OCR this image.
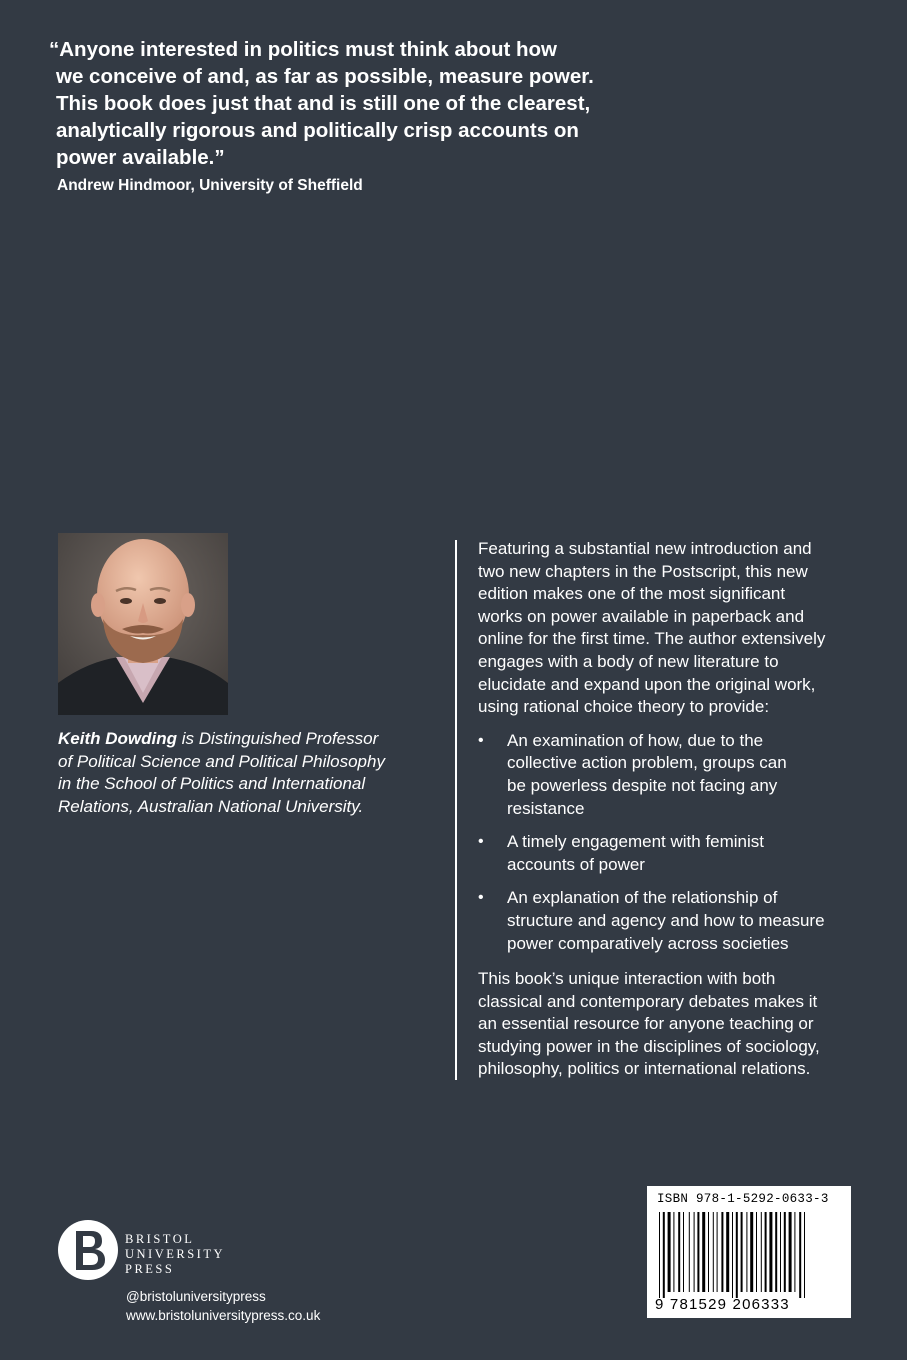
“Anyone interested in politics must think about how
we conceive of and, as far as possible, measure power.
This book does just that and is still one of the clearest,
analytically rigorous and politically crisp accounts on
power available.”
Andrew Hindmoor, University of Sheffield
Keith Dowding is Distinguished Professor
of Political Science and Political Philosophy
in the School of Politics and International
Relations, Australian National University.
Featuring a substantial new introduction and
two new chapters in the Postscript, this new
edition makes one of the most significant
works on power available in paperback and
online for the first time. The author extensively
engages with a body of new literature to
elucidate and expand upon the original work,
using rational choice theory to provide:
• An examination of how, due to the
collective action problem, groups can
be powerless despite not facing any
resistance
• A timely engagement with feminist
accounts of power
• An explanation of the relationship of
structure and agency and how to measure
power comparatively across societies
This book’s unique interaction with both
classical and contemporary debates makes it
an essential resource for anyone teaching or
studying power in the disciplines of sociology,
philosophy, politics or international relations.
BRISTOL
UNIVERSITY
PRESS
@bristoluniversitypress
www.bristoluniversitypress.co.uk
ISBN 978-1-5292-0633-3
9 781529 206333
